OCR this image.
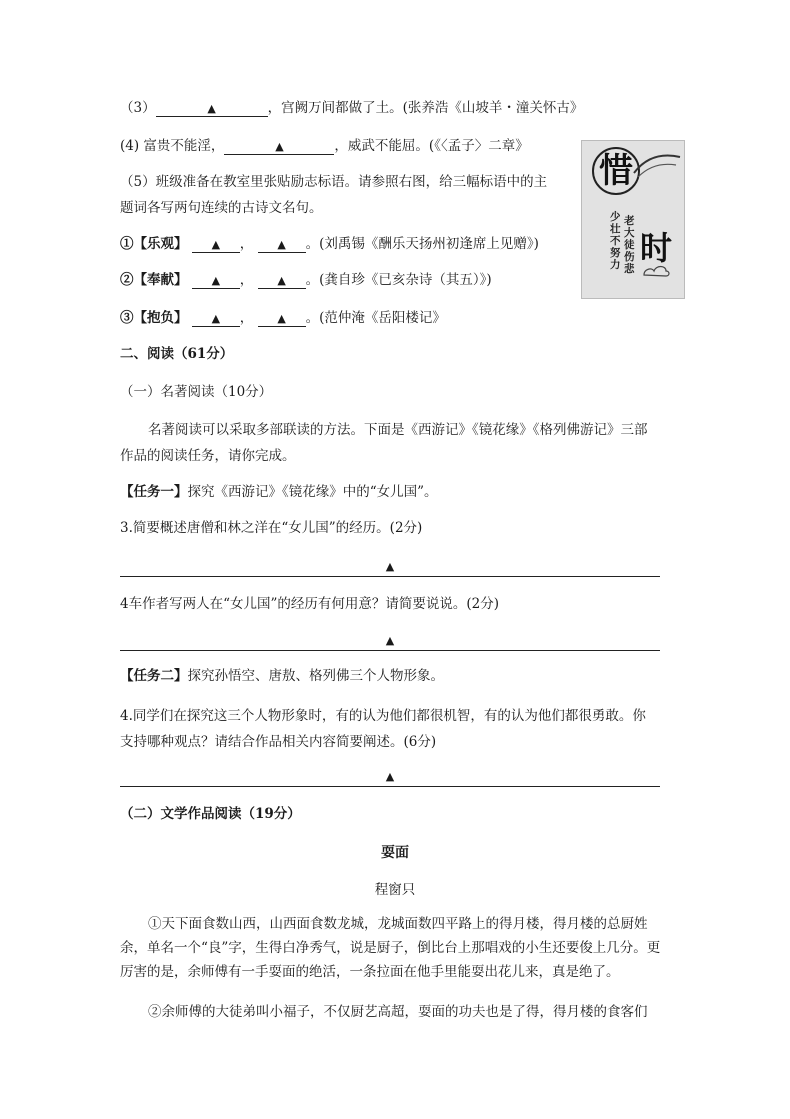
（3）	▲	，宫阙万间都做了土。(张养浩《山坡羊・潼关怀古》
(4) 富贵不能淫，	▲	，威武不能屈。(《〈孟子〉二章》
（5）班级准备在教室里张贴励志标语。请参照右图，给三幅标语中的主
题词各写两句连续的古诗文名句。
①【乐观】 ▲ ， ▲ 。(刘禹锡《酬乐天扬州初逢席上见赠》)
②【奉献】 ▲ ， ▲ 。(龚自珍《已亥杂诗（其五）》)
③【抱负】 ▲ ， ▲ 。(范仲淹《岳阳楼记》
惜
少壮不努力
老大徒伤悲
时
二、阅读（61分）
（一）名著阅读（10分）
名著阅读可以采取多部联读的方法。下面是《西游记》《镜花缘》《格列佛游记》三部
作品的阅读任务，请你完成。
【任务一】探究《西游记》《镜花缘》中的“女儿国”。
3.简要概述唐僧和林之洋在“女儿国”的经历。(2分)
▲
4车作者写两人在“女儿国”的经历有何用意？请简要说说。(2分)
▲
【任务二】探究孙悟空、唐敖、格列佛三个人物形象。
4.同学们在探究这三个人物形象时，有的认为他们都很机智，有的认为他们都很勇敢。你
支持哪种观点？请结合作品相关内容简要阐述。(6分)
▲
（二）文学作品阅读（19分）
耍面
程窗只
①天下面食数山西，山西面食数龙城，龙城面数四平路上的得月楼，得月楼的总厨姓余，单名一个“良”字，生得白净秀气，说是厨子，倒比台上那唱戏的小生还要俊上几分。更厉害的是，余师傅有一手耍面的绝活，一条拉面在他手里能耍出花儿来，真是绝了。
②余师傅的大徒弟叫小福子，不仅厨艺高超，耍面的功夫也是了得，得月楼的食客们
